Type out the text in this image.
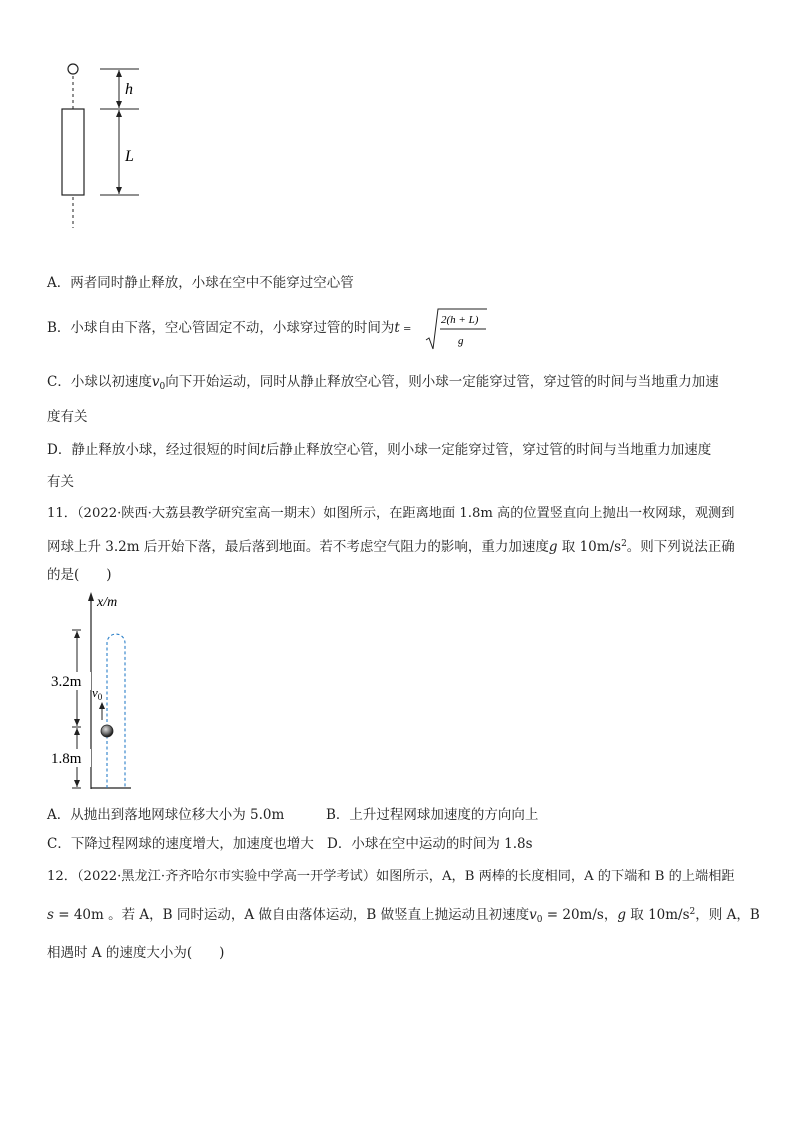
h
L
A．两者同时静止释放，小球在空中不能穿过空心管
B．小球自由下落，空心管固定不动，小球穿过管的时间为t =
2(h + L)
g
C．小球以初速度$v_0$向下开始运动，同时从静止释放空心管，则小球一定能穿过管，穿过管的时间与当地重力加速
度有关
D．静止释放小球，经过很短的时间t后静止释放空心管，则小球一定能穿过管，穿过管的时间与当地重力加速度
有关
11．（2022·陕西·大荔县教学研究室高一期末）如图所示，在距离地面 1.8m 高的位置竖直向上抛出一枚网球，观测到
网球上升 3.2m 后开始下落，最后落到地面。若不考虑空气阻力的影响，重力加速度g 取 $10m/s^2$。则下列说法正确
的是(　　)
x/m
3.2m
1.8m
$v_0$
A．从抛出到落地网球位移大小为 5.0m	B．上升过程网球加速度的方向向上
C．下降过程网球的速度增大，加速度也增大 D．小球在空中运动的时间为 1.8s
12．（2022·黑龙江·齐齐哈尔市实验中学高一开学考试）如图所示，A，B 两棒的长度相同，A 的下端和 B 的上端相距
s = 40m 。若 A，B 同时运动，A 做自由落体运动，B 做竖直上抛运动且初速度$v_0 = 20m/s$，g 取 $10m/s^2$，则 A，B
相遇时 A 的速度大小为(　　)
